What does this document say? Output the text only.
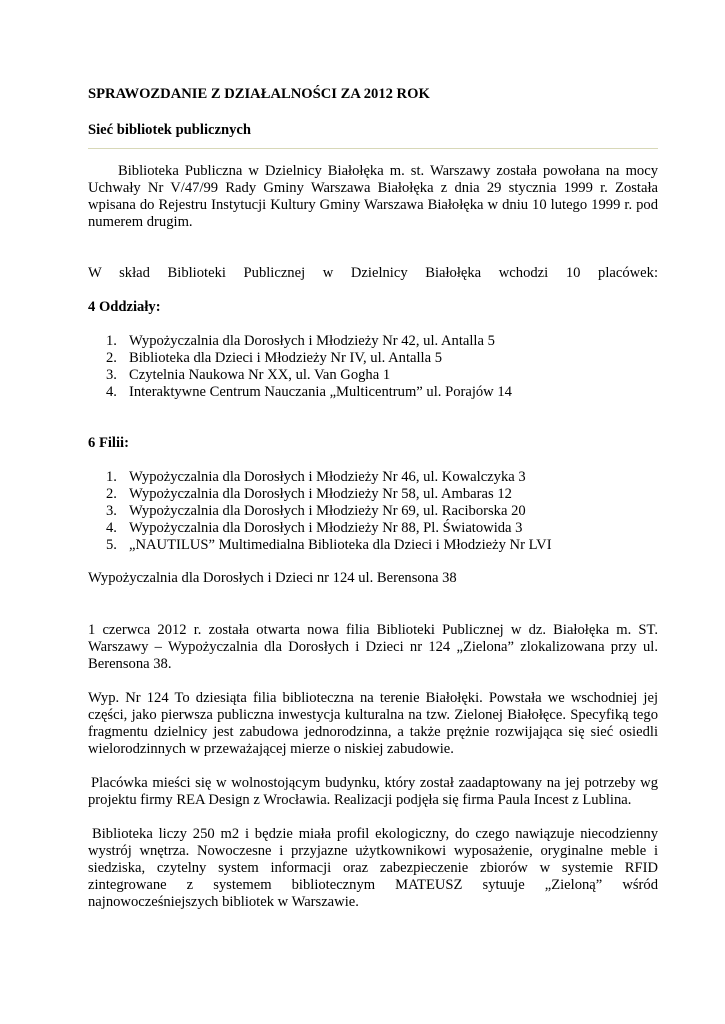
SPRAWOZDANIE Z DZIAŁALNOŚCI ZA 2012 ROK

Sieć bibliotek publicznych

Biblioteka Publiczna w Dzielnicy Białołęka m. st. Warszawy została powołana na mocy Uchwały Nr V/47/99 Rady Gminy Warszawa Białołęka z dnia 29 stycznia 1999 r. Została wpisana do Rejestru Instytucji Kultury Gminy Warszawa Białołęka w dniu 10 lutego 1999 r. pod numerem drugim.

W skład Biblioteki Publicznej w Dzielnicy Białołęka wchodzi 10 placówek:

4 Oddziały:

1. Wypożyczalnia dla Dorosłych i Młodzieży Nr 42, ul. Antalla 5
2. Biblioteka dla Dzieci i Młodzieży Nr IV, ul. Antalla 5
3. Czytelnia Naukowa Nr XX, ul. Van Gogha 1
4. Interaktywne Centrum Nauczania „Multicentrum” ul. Porajów 14

6 Filii:

1. Wypożyczalnia dla Dorosłych i Młodzieży Nr 46, ul. Kowalczyka 3
2. Wypożyczalnia dla Dorosłych i Młodzieży Nr 58, ul. Ambaras 12
3. Wypożyczalnia dla Dorosłych i Młodzieży Nr 69, ul. Raciborska 20
4. Wypożyczalnia dla Dorosłych i Młodzieży Nr 88, Pl. Światowida 3
5. „NAUTILUS” Multimedialna Biblioteka dla Dzieci i Młodzieży Nr LVI

Wypożyczalnia dla Dorosłych i Dzieci nr 124 ul. Berensona 38

1 czerwca 2012 r. została otwarta nowa filia Biblioteki Publicznej w dz. Białołęka m. ST. Warszawy – Wypożyczalnia dla Dorosłych i Dzieci nr 124 „Zielona” zlokalizowana przy ul. Berensona 38.

Wyp. Nr 124 To dziesiąta filia biblioteczna na terenie Białołęki. Powstała we wschodniej jej części, jako pierwsza publiczna inwestycja kulturalna na tzw. Zielonej Białołęce. Specyfiką tego fragmentu dzielnicy jest zabudowa jednorodzinna, a także prężnie rozwijająca się sieć osiedli wielorodzinnych w przeważającej mierze o niskiej zabudowie.

Placówka mieści się w wolnostojącym budynku, który został zaadaptowany na jej potrzeby wg projektu firmy REA Design z Wrocławia. Realizacji podjęła się firma Paula Incest z Lublina.

Biblioteka liczy 250 m2 i będzie miała profil ekologiczny, do czego nawiązuje niecodzienny wystrój wnętrza. Nowoczesne i przyjazne użytkownikowi wyposażenie, oryginalne meble i siedziska, czytelny system informacji oraz zabezpieczenie zbiorów w systemie RFID zintegrowane z systemem bibliotecznym MATEUSZ sytuuje „Zieloną” wśród najnowocześniejszych bibliotek w Warszawie.
